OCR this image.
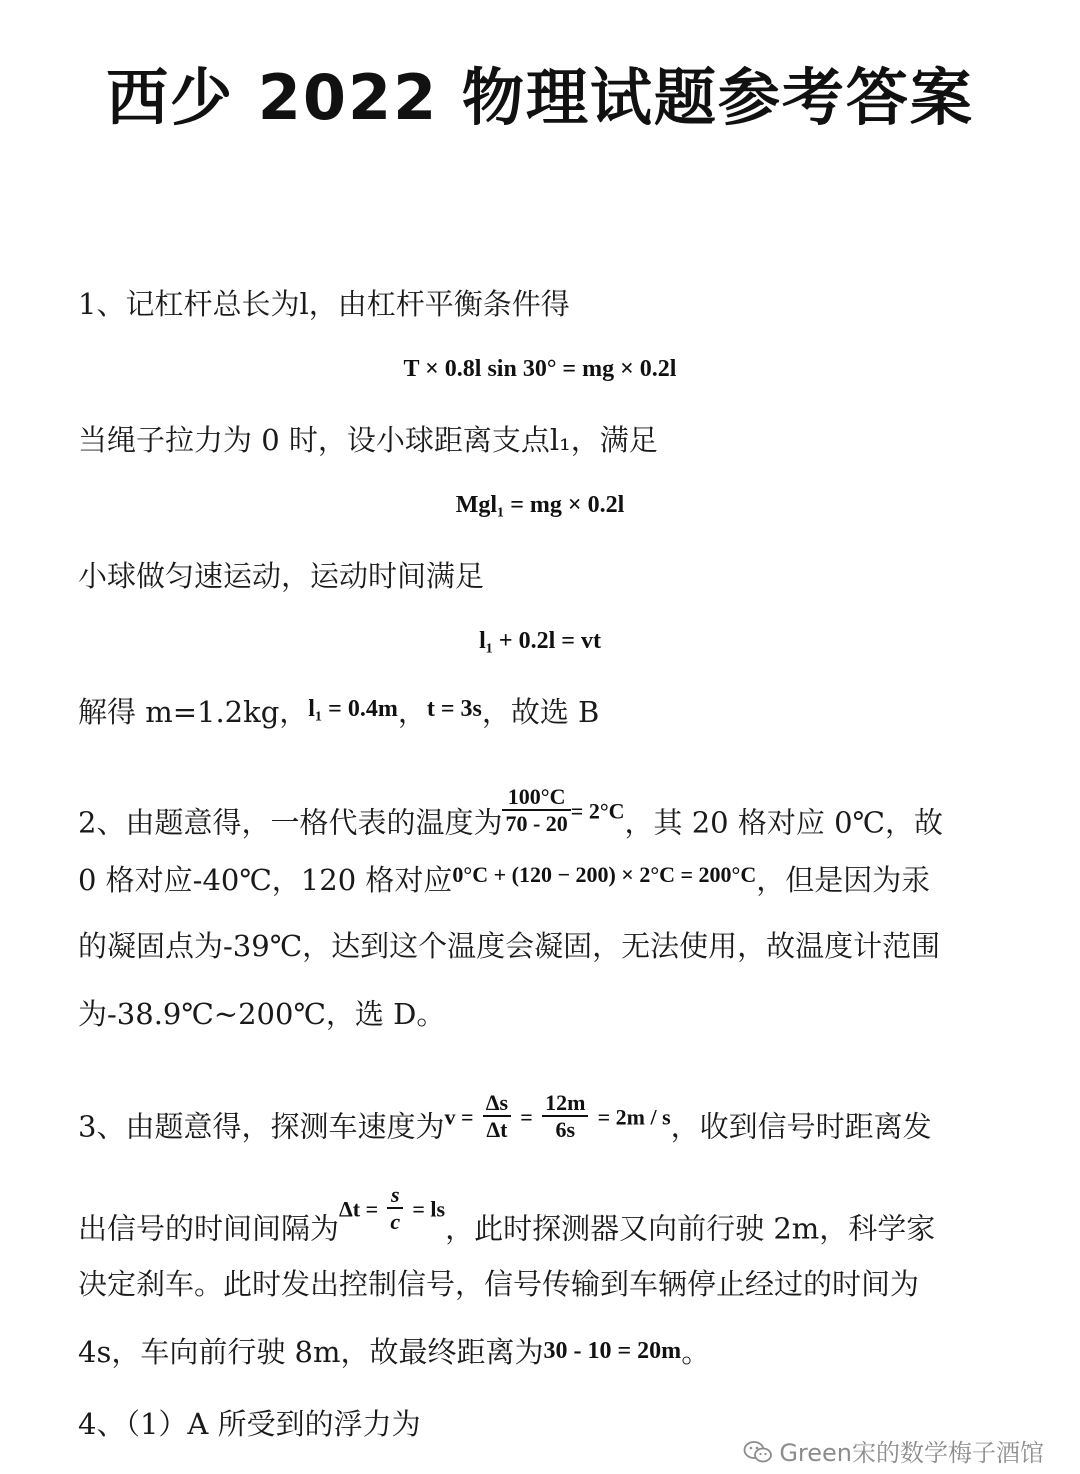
西少 2022 物理试题参考答案
1、记杠杆总长为l，由杠杆平衡条件得
T × 0.8l sin 30° = mg × 0.2l
当绳子拉力为 0 时，设小球距离支点l₁，满足
Mgl₁ = mg × 0.2l
小球做匀速运动，运动时间满足
l₁ + 0.2l = vt
解得 m=1.2kg，$^{l_1 = 0.4m}$，$^{t = 3s}$，故选 B
2、由题意得，一格代表的温度为 $\frac{100^\circ C}{70 - 20} = 2^\circ C$，其 20 格对应 0℃，故
0 格对应-40℃，120 格对应$^{0^\circ C + (120 - 200) \times 2^\circ C = 200^\circ C}$，但是因为汞
的凝固点为-39℃，达到这个温度会凝固，无法使用，故温度计范围
为-38.9℃~200℃，选 D。
3、由题意得，探测车速度为$v = \frac{\Delta s}{\Delta t} = \frac{12m}{6s} = 2m / s$，收到信号时距离发
出信号的时间间隔为$\Delta t = \frac{s}{c}$ = ls，此时探测器又向前行驶 2m，科学家
决定刹车。此时发出控制信号，信号传输到车辆停止经过的时间为
4s，车向前行驶 8m，故最终距离为30 - 10 = 20m。
4、（1）A 所受到的浮力为
Green宋的数学梅子酒馆
